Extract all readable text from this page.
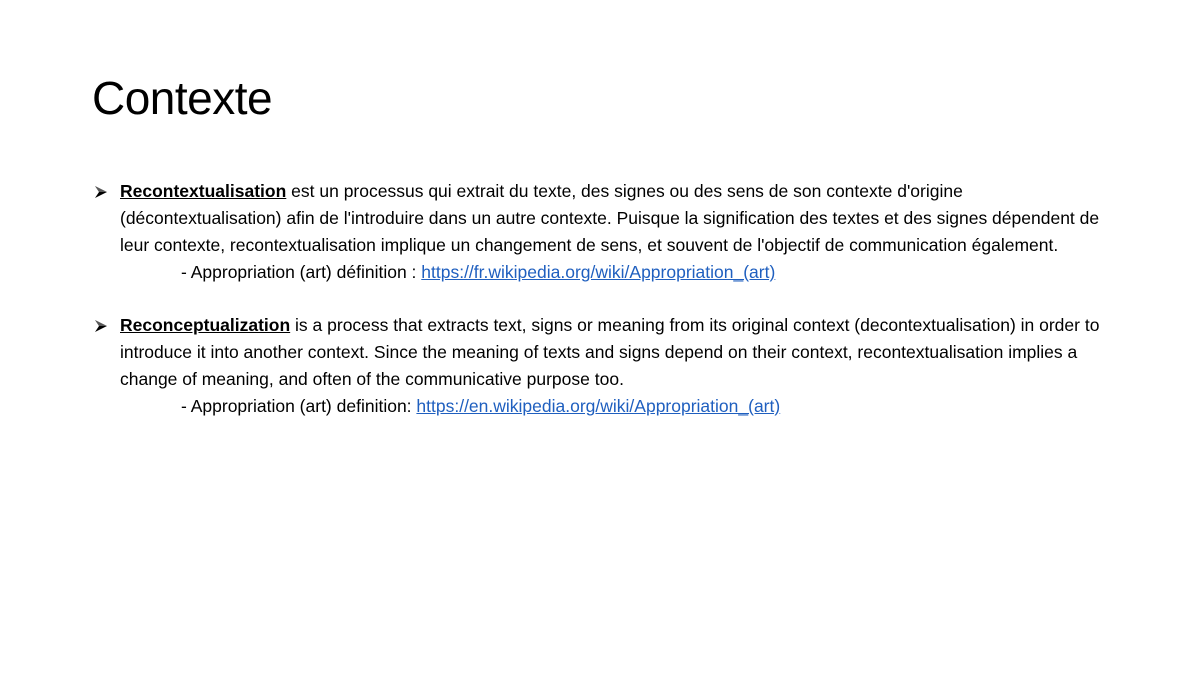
Contexte
Recontextualisation est un processus qui extrait du texte, des signes ou des sens de son contexte d'origine (décontextualisation) afin de l'introduire dans un autre contexte. Puisque la signification des textes et des signes dépendent de leur contexte, recontextualisation implique un changement de sens, et souvent de l'objectif de communication également.
- Appropriation (art) définition : https://fr.wikipedia.org/wiki/Appropriation_(art)
Reconceptualization is a process that extracts text, signs or meaning from its original context (decontextualisation) in order to introduce it into another context. Since the meaning of texts and signs depend on their context, recontextualisation implies a change of meaning, and often of the communicative purpose too.
- Appropriation (art) definition: https://en.wikipedia.org/wiki/Appropriation_(art)
